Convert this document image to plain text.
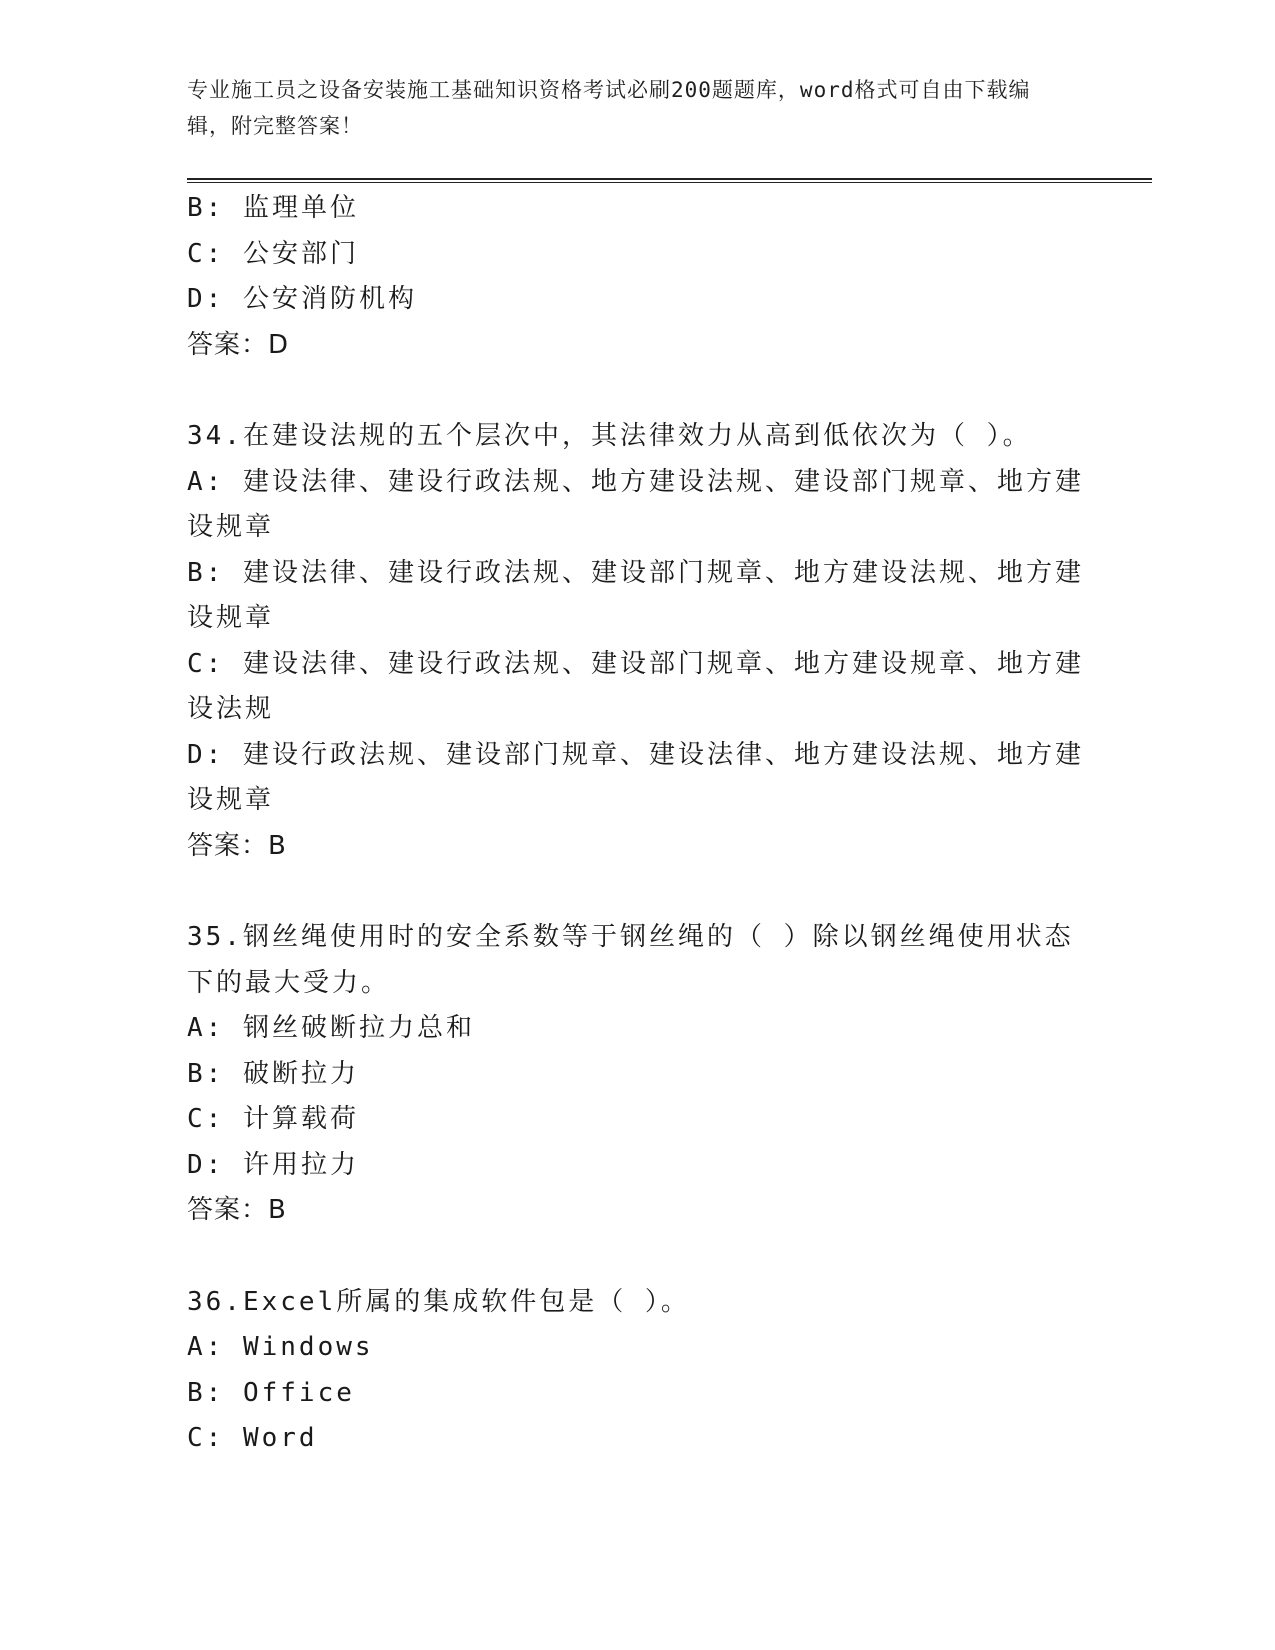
专业施工员之设备安装施工基础知识资格考试必刷200题题库，word格式可自由下载编辑，附完整答案！
B: 监理单位
C: 公安部门
D: 公安消防机构
答案：D
34.在建设法规的五个层次中，其法律效力从高到低依次为（ ）。
A: 建设法律、建设行政法规、地方建设法规、建设部门规章、地方建设规章
B: 建设法律、建设行政法规、建设部门规章、地方建设法规、地方建设规章
C: 建设法律、建设行政法规、建设部门规章、地方建设规章、地方建设法规
D: 建设行政法规、建设部门规章、建设法律、地方建设法规、地方建设规章
答案：B
35.钢丝绳使用时的安全系数等于钢丝绳的（ ）除以钢丝绳使用状态下的最大受力。
A: 钢丝破断拉力总和
B: 破断拉力
C: 计算载荷
D: 许用拉力
答案：B
36.Excel所属的集成软件包是（ ）。
A: Windows
B: Office
C: Word
